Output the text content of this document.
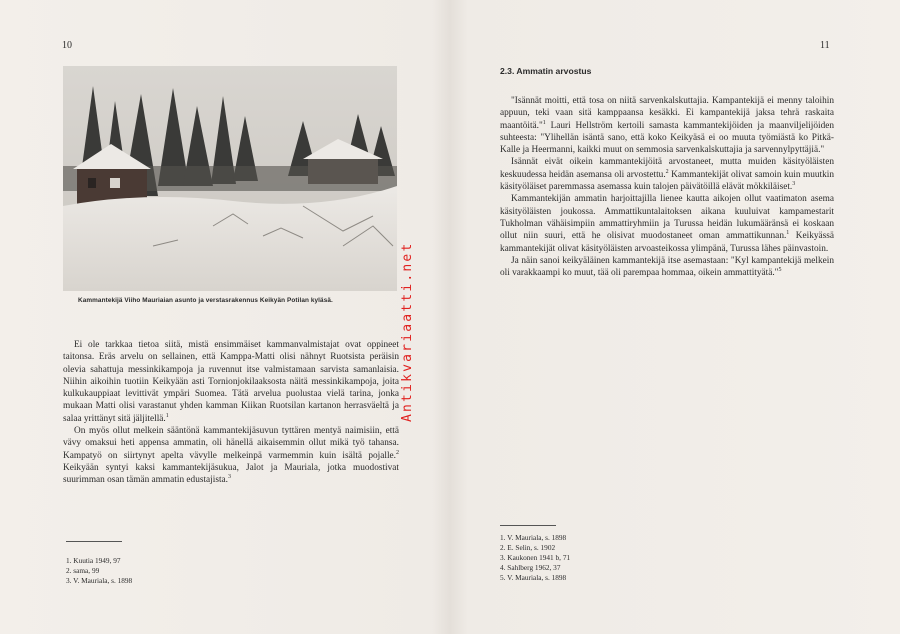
10
Kammantekijä Viiho Mauriaian asunto ja verstasrakennus Keikyän Potilan kyläsä.

Ei ole tarkkaa tietoa siitä, mistä ensimmäiset kammanvalmistajat ovat oppineet taitonsa. Eräs arvelu on sellainen, että Kamppa-Matti olisi nähnyt Ruotsista peräisin olevia sahattuja messinkikampoja ja ruvennut itse valmistamaan sarvista samanlaisia. Niihin aikoihin tuotiin Keikyään asti Tornionjokilaaksosta näitä messinkikampoja, joita kulkukauppiaat levittivät ympäri Suomea. Tätä arvelua puolustaa vielä tarina, jonka mukaan Matti olisi varastanut yhden kamman Kiikan Ruotsilan kartanon herrasväeltä ja salaa yrittänyt sitä jäljitellä.$^1$

On myös ollut melkein sääntönä kammantekijäsuvun tyttären mentyä naimisiin, että vävy omaksui heti appensa ammatin, oli hänellä aikaisemmin ollut mikä työ tahansa. Kampatyö on siirtynyt apelta vävylle melkeinpä varmemmin kuin isältä pojalle.$^2$ Keikyään syntyi kaksi kammantekijäsukua, Jalot ja Mauriala, jotka muodostivat suurimman osan tämän ammatin edustajista.$^3$

1. Kuutia 1949, 97
2. sama, 99
3. V. Mauriala, s. 1898
Antikvariaatti.net
11
2.3. Ammatin arvostus

"Isännät moitti, että tosa on niitä sarvenkalskuttajia. Kampantekijä ei menny taloihin appuun, teki vaan sitä kamppaansa kesäkki. Ei kampantekijä jaksa tehrä raskaita maantöitä."$^1$ Lauri Hellström kertoili samasta kammantekijöiden ja maanviljelijöiden suhteesta: "Ylihellän isäntä sano, että koko Keikyäsä ei oo muuta työmiästä ko Pitkä-Kalle ja Heermanni, kaikki muut on semmosia sarvenkalskuttajia ja sarvennylpyttäjiä."

Isännät eivät oikein kammantekijöitä arvostaneet, mutta muiden käsityöläisten keskuudessa heidän asemansa oli arvostettu.$^2$ Kammantekijät olivat samoin kuin muutkin käsityöläiset paremmassa asemassa kuin talojen päivätöillä elävät mökkiläiset.$^3$

Kammantekijän ammatin harjoittajilla lienee kautta aikojen ollut vaatimaton asema käsityöläisten joukossa. Ammattikuntalaitoksen aikana kuuluivat kampamestarit Tukholman vähäisimpiin ammattiryhmiin ja Turussa heidän lukumääränsä ei koskaan ollut niin suuri, että he olisivat muodostaneet oman ammattikunnan.$^1$ Keikyässä kammantekijät olivat käsityöläisten arvoasteikossa ylimpänä, Turussa lähes päinvastoin.

Ja näin sanoi keikyäläinen kammantekijä itse asemastaan: "Kyl kampantekijä melkein oli varakkaampi ko muut, tää oli parempaa hommaa, oikein ammattityätä."$^5$

1. V. Mauriala, s. 1898
2. E. Selin, s. 1902
3. Kaukonen 1941 b, 71
4. Sahlberg 1962, 37
5. V. Mauriala, s. 1898
